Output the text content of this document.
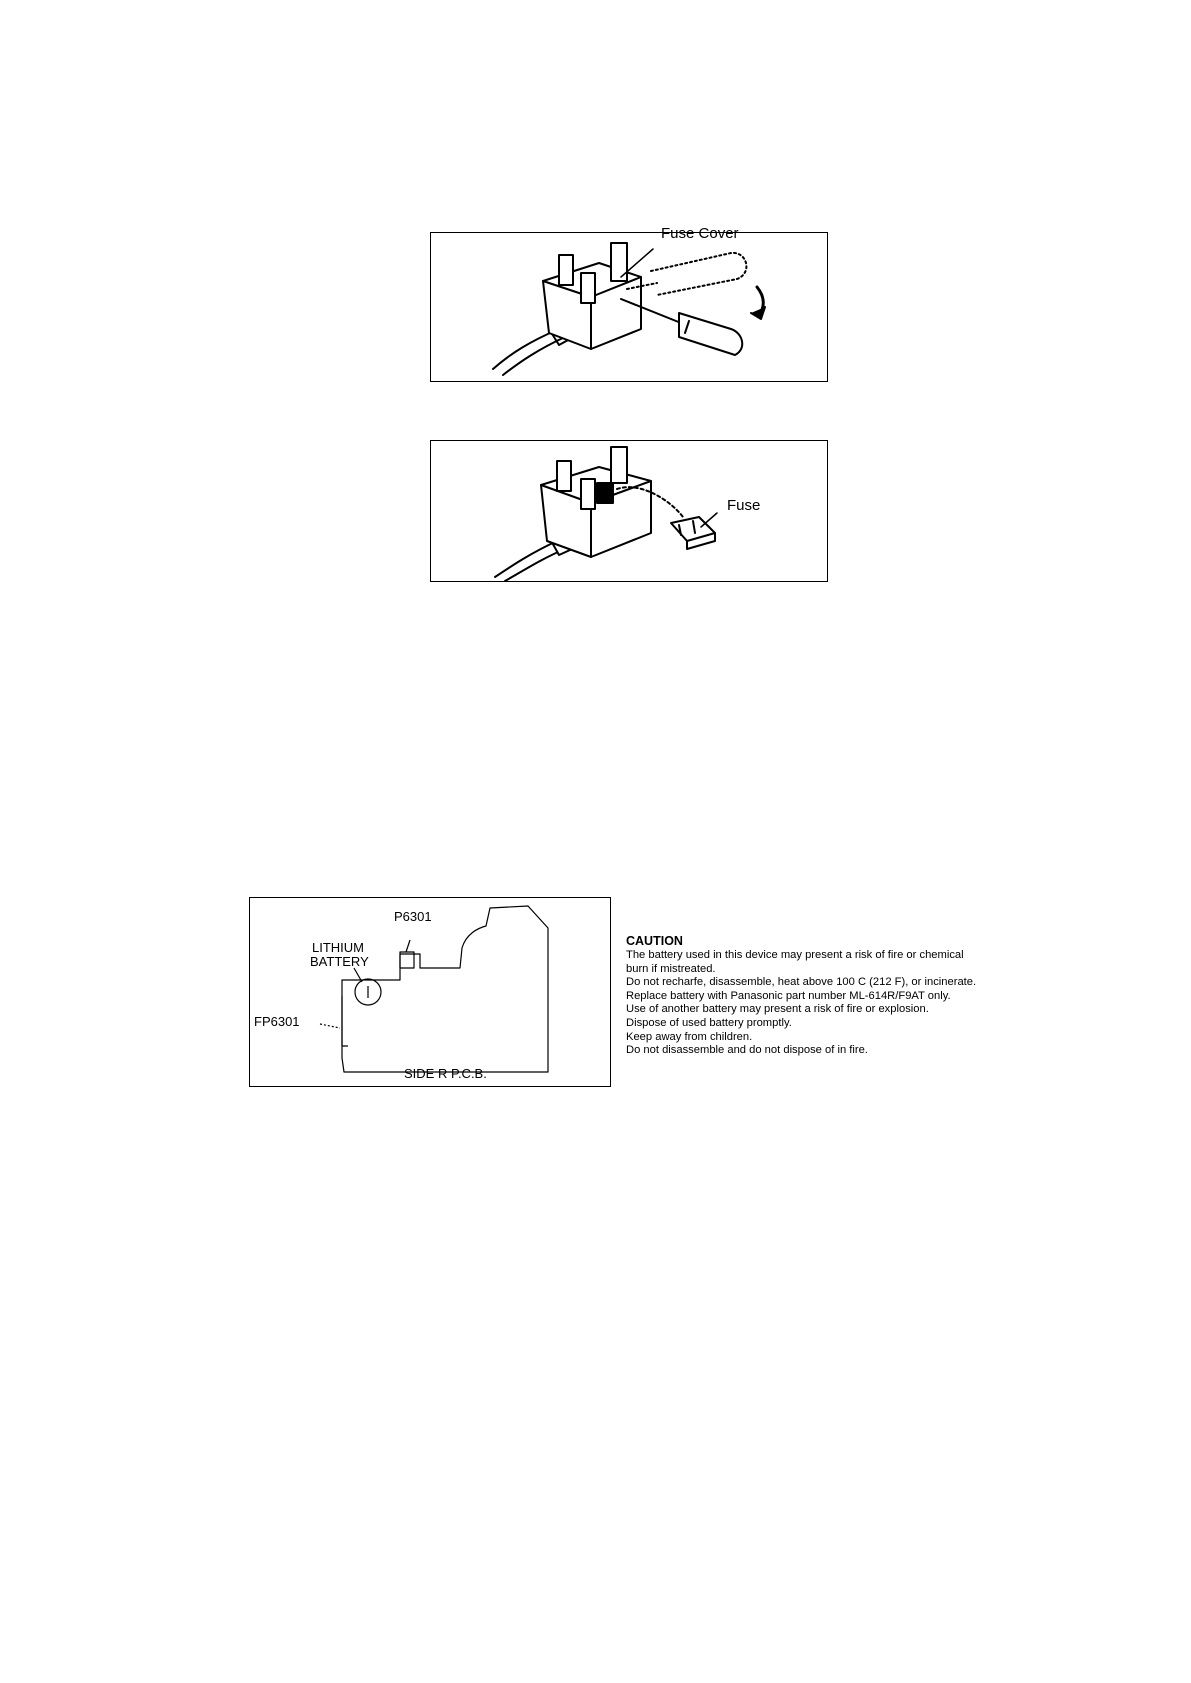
Fuse Cover
Fuse
P6301
LITHIUM
BATTERY
FP6301
SIDE R P.C.B.
CAUTION
The battery used in this device may present a risk of fire or chemical
burn if mistreated.
Do not recharfe, disassemble, heat above 100 C (212 F), or incinerate.
Replace battery with Panasonic part number ML-614R/F9AT only.
Use of another battery may present a risk of fire or explosion.
Dispose of used battery promptly.
Keep away from children.
Do not disassemble and do not dispose of in fire.
